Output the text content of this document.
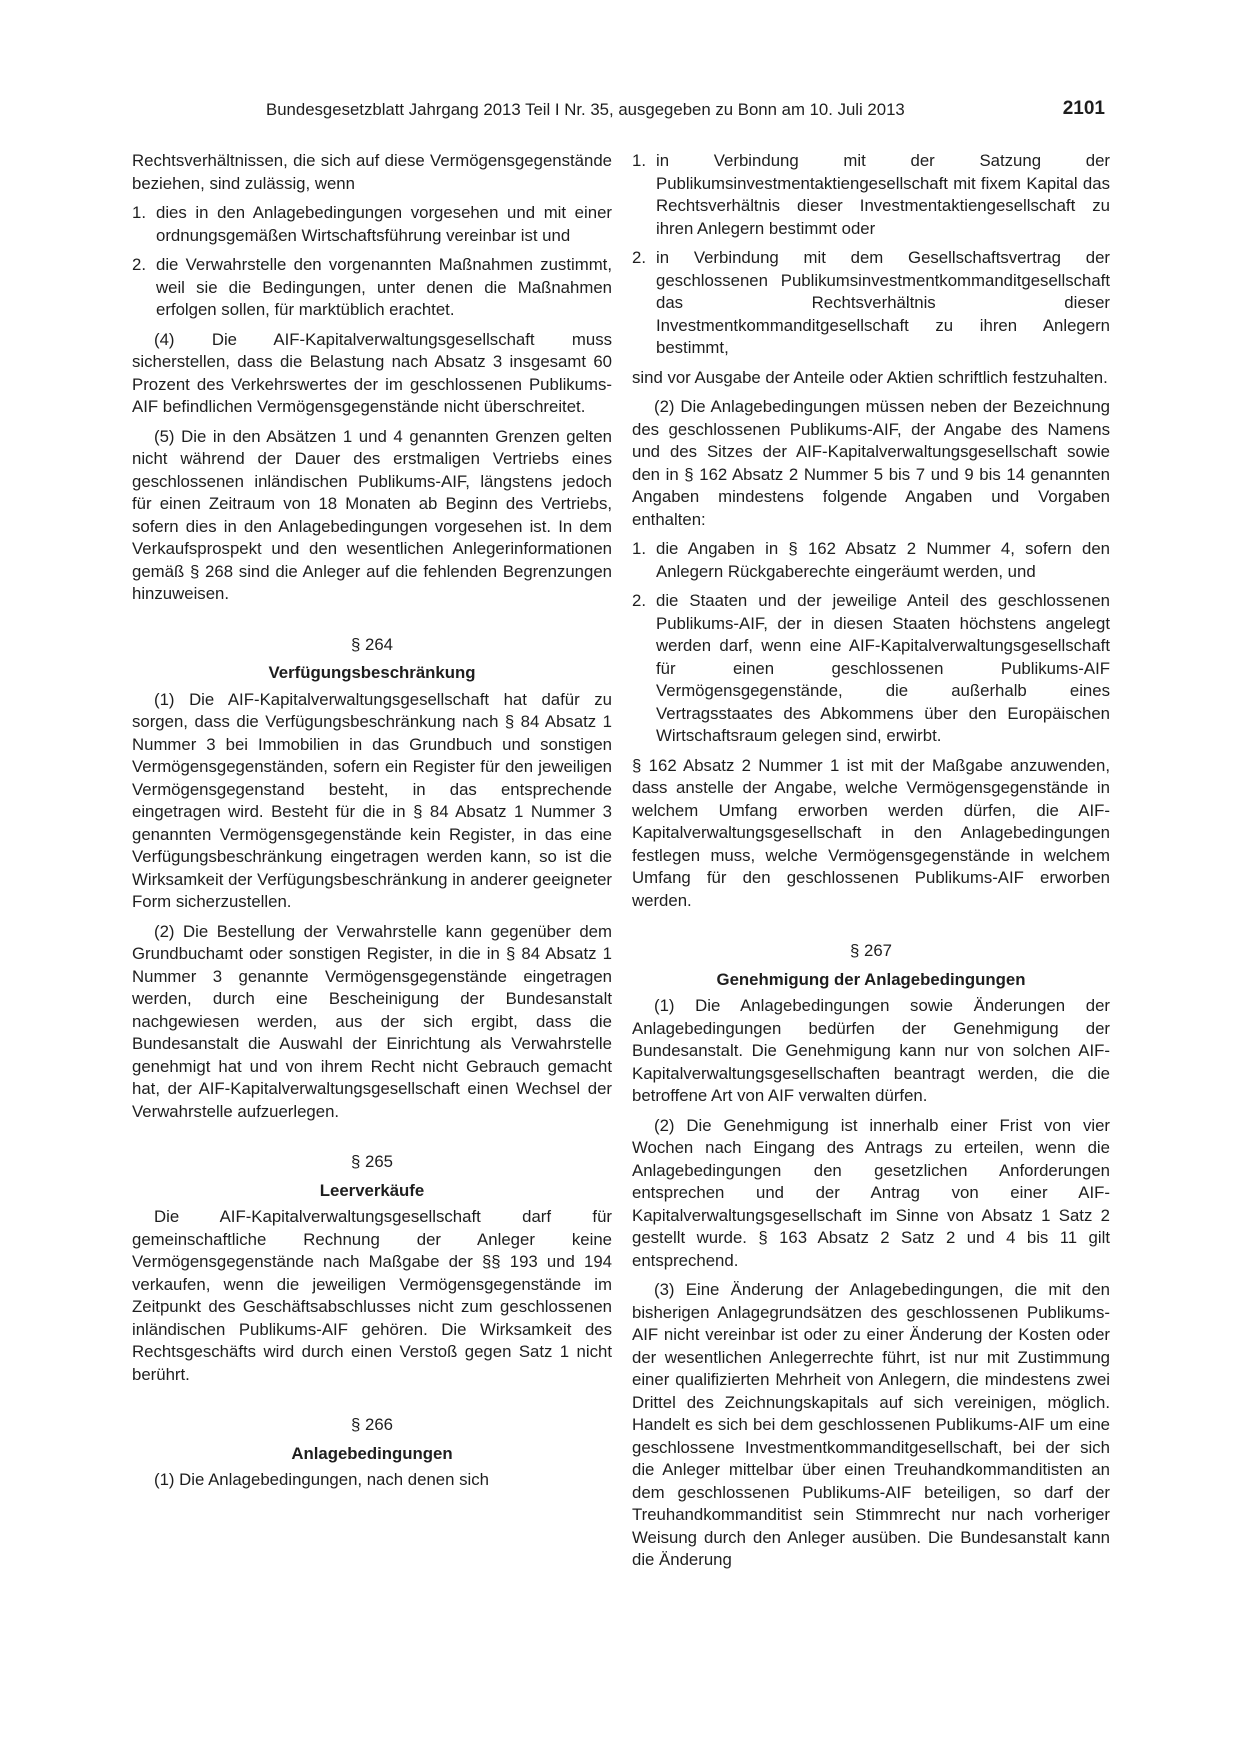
Bundesgesetzblatt Jahrgang 2013 Teil I Nr. 35, ausgegeben zu Bonn am 10. Juli 2013	2101

Rechtsverhältnissen, die sich auf diese Vermögensgegenstände beziehen, sind zulässig, wenn

1. dies in den Anlagebedingungen vorgesehen und mit einer ordnungsgemäßen Wirtschaftsführung vereinbar ist und
2. die Verwahrstelle den vorgenannten Maßnahmen zustimmt, weil sie die Bedingungen, unter denen die Maßnahmen erfolgen sollen, für marktüblich erachtet.

(4) Die AIF-Kapitalverwaltungsgesellschaft muss sicherstellen, dass die Belastung nach Absatz 3 insgesamt 60 Prozent des Verkehrswertes der im geschlossenen Publikums-AIF befindlichen Vermögensgegenstände nicht überschreitet.

(5) Die in den Absätzen 1 und 4 genannten Grenzen gelten nicht während der Dauer des erstmaligen Vertriebs eines geschlossenen inländischen Publikums-AIF, längstens jedoch für einen Zeitraum von 18 Monaten ab Beginn des Vertriebs, sofern dies in den Anlagebedingungen vorgesehen ist. In dem Verkaufsprospekt und den wesentlichen Anlegerinformationen gemäß § 268 sind die Anleger auf die fehlenden Begrenzungen hinzuweisen.

§ 264
Verfügungsbeschränkung

(1) Die AIF-Kapitalverwaltungsgesellschaft hat dafür zu sorgen, dass die Verfügungsbeschränkung nach § 84 Absatz 1 Nummer 3 bei Immobilien in das Grundbuch und sonstigen Vermögensgegenständen, sofern ein Register für den jeweiligen Vermögensgegenstand besteht, in das entsprechende eingetragen wird. Besteht für die in § 84 Absatz 1 Nummer 3 genannten Vermögensgegenstände kein Register, in das eine Verfügungsbeschränkung eingetragen werden kann, so ist die Wirksamkeit der Verfügungsbeschränkung in anderer geeigneter Form sicherzustellen.

(2) Die Bestellung der Verwahrstelle kann gegenüber dem Grundbuchamt oder sonstigen Register, in die in § 84 Absatz 1 Nummer 3 genannte Vermögensgegenstände eingetragen werden, durch eine Bescheinigung der Bundesanstalt nachgewiesen werden, aus der sich ergibt, dass die Bundesanstalt die Auswahl der Einrichtung als Verwahrstelle genehmigt hat und von ihrem Recht nicht Gebrauch gemacht hat, der AIF-Kapitalverwaltungsgesellschaft einen Wechsel der Verwahrstelle aufzuerlegen.

§ 265
Leerverkäufe

Die AIF-Kapitalverwaltungsgesellschaft darf für gemeinschaftliche Rechnung der Anleger keine Vermögensgegenstände nach Maßgabe der §§ 193 und 194 verkaufen, wenn die jeweiligen Vermögensgegenstände im Zeitpunkt des Geschäftsabschlusses nicht zum geschlossenen inländischen Publikums-AIF gehören. Die Wirksamkeit des Rechtsgeschäfts wird durch einen Verstoß gegen Satz 1 nicht berührt.

§ 266
Anlagebedingungen

(1) Die Anlagebedingungen, nach denen sich

1. in Verbindung mit der Satzung der Publikumsinvestmentaktiengesellschaft mit fixem Kapital das Rechtsverhältnis dieser Investmentaktiengesellschaft zu ihren Anlegern bestimmt oder
2. in Verbindung mit dem Gesellschaftsvertrag der geschlossenen Publikumsinvestmentkommanditgesellschaft das Rechtsverhältnis dieser Investmentkommanditgesellschaft zu ihren Anlegern bestimmt,

sind vor Ausgabe der Anteile oder Aktien schriftlich festzuhalten.

(2) Die Anlagebedingungen müssen neben der Bezeichnung des geschlossenen Publikums-AIF, der Angabe des Namens und des Sitzes der AIF-Kapitalverwaltungsgesellschaft sowie den in § 162 Absatz 2 Nummer 5 bis 7 und 9 bis 14 genannten Angaben mindestens folgende Angaben und Vorgaben enthalten:

1. die Angaben in § 162 Absatz 2 Nummer 4, sofern den Anlegern Rückgaberechte eingeräumt werden, und
2. die Staaten und der jeweilige Anteil des geschlossenen Publikums-AIF, der in diesen Staaten höchstens angelegt werden darf, wenn eine AIF-Kapitalverwaltungsgesellschaft für einen geschlossenen Publikums-AIF Vermögensgegenstände, die außerhalb eines Vertragsstaates des Abkommens über den Europäischen Wirtschaftsraum gelegen sind, erwirbt.

§ 162 Absatz 2 Nummer 1 ist mit der Maßgabe anzuwenden, dass anstelle der Angabe, welche Vermögensgegenstände in welchem Umfang erworben werden dürfen, die AIF-Kapitalverwaltungsgesellschaft in den Anlagebedingungen festlegen muss, welche Vermögensgegenstände in welchem Umfang für den geschlossenen Publikums-AIF erworben werden.

§ 267
Genehmigung der Anlagebedingungen

(1) Die Anlagebedingungen sowie Änderungen der Anlagebedingungen bedürfen der Genehmigung der Bundesanstalt. Die Genehmigung kann nur von solchen AIF-Kapitalverwaltungsgesellschaften beantragt werden, die die betroffene Art von AIF verwalten dürfen.

(2) Die Genehmigung ist innerhalb einer Frist von vier Wochen nach Eingang des Antrags zu erteilen, wenn die Anlagebedingungen den gesetzlichen Anforderungen entsprechen und der Antrag von einer AIF-Kapitalverwaltungsgesellschaft im Sinne von Absatz 1 Satz 2 gestellt wurde. § 163 Absatz 2 Satz 2 und 4 bis 11 gilt entsprechend.

(3) Eine Änderung der Anlagebedingungen, die mit den bisherigen Anlagegrundsätzen des geschlossenen Publikums-AIF nicht vereinbar ist oder zu einer Änderung der Kosten oder der wesentlichen Anlegerrechte führt, ist nur mit Zustimmung einer qualifizierten Mehrheit von Anlegern, die mindestens zwei Drittel des Zeichnungskapitals auf sich vereinigen, möglich. Handelt es sich bei dem geschlossenen Publikums-AIF um eine geschlossene Investmentkommanditgesellschaft, bei der sich die Anleger mittelbar über einen Treuhandkommanditisten an dem geschlossenen Publikums-AIF beteiligen, so darf der Treuhandkommanditist sein Stimmrecht nur nach vorheriger Weisung durch den Anleger ausüben. Die Bundesanstalt kann die Änderung
